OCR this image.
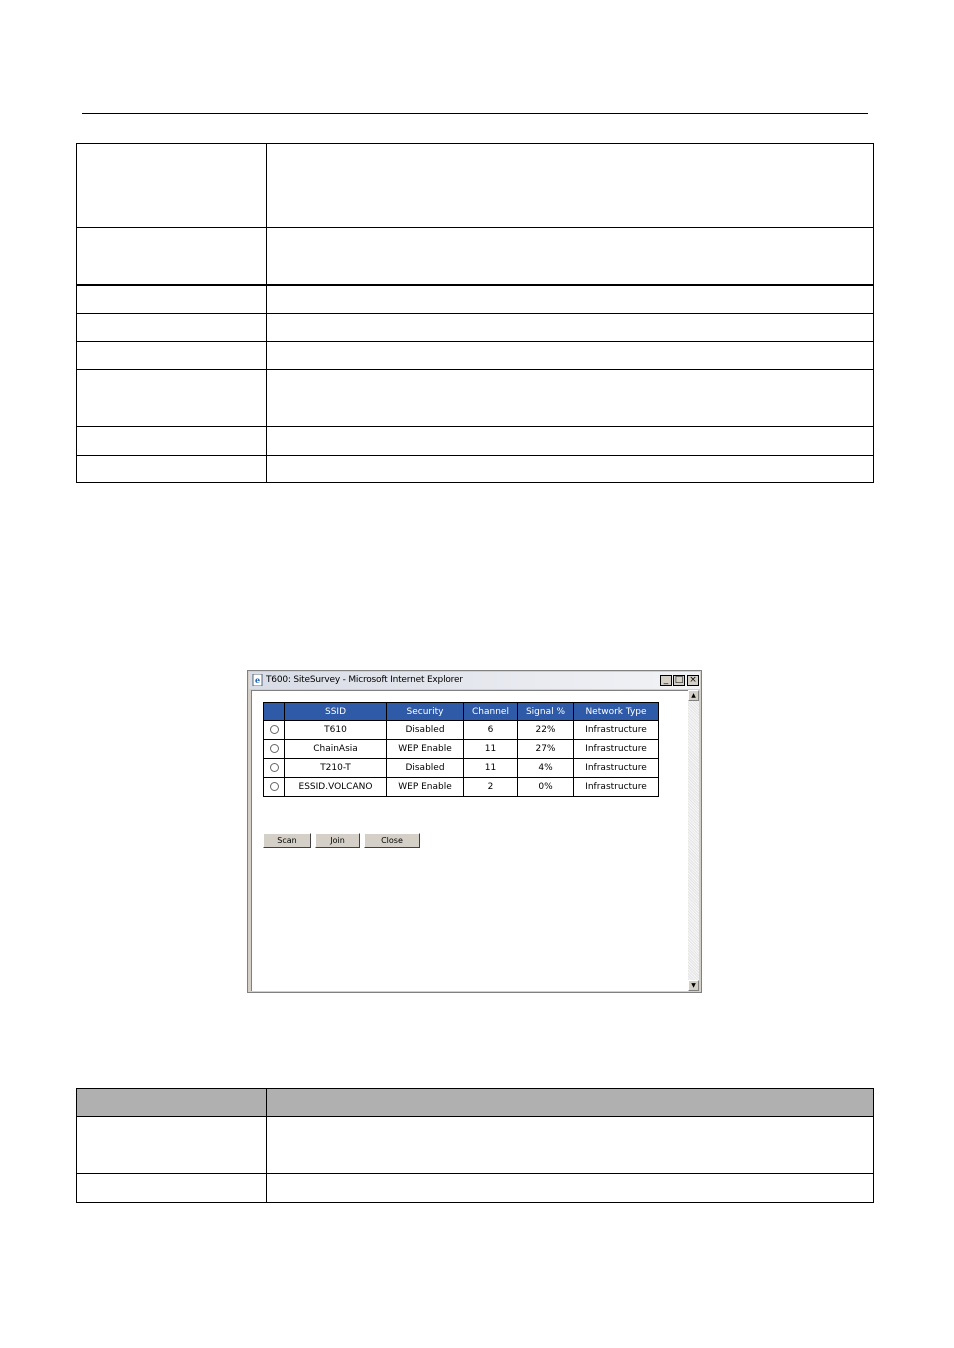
e T600: SiteSurvey - Microsoft Internet Explorer	_ □ ×
	SSID	Security	Channel	Signal %	Network Type
	T610	Disabled	6	22%	Infrastructure
	ChainAsia	WEP Enable	11	27%	Infrastructure
	T210-T	Disabled	11	4%	Infrastructure
	ESSID.VOLCANO	WEP Enable	2	0%	Infrastructure
Scan	Join	Close
▲
▼
